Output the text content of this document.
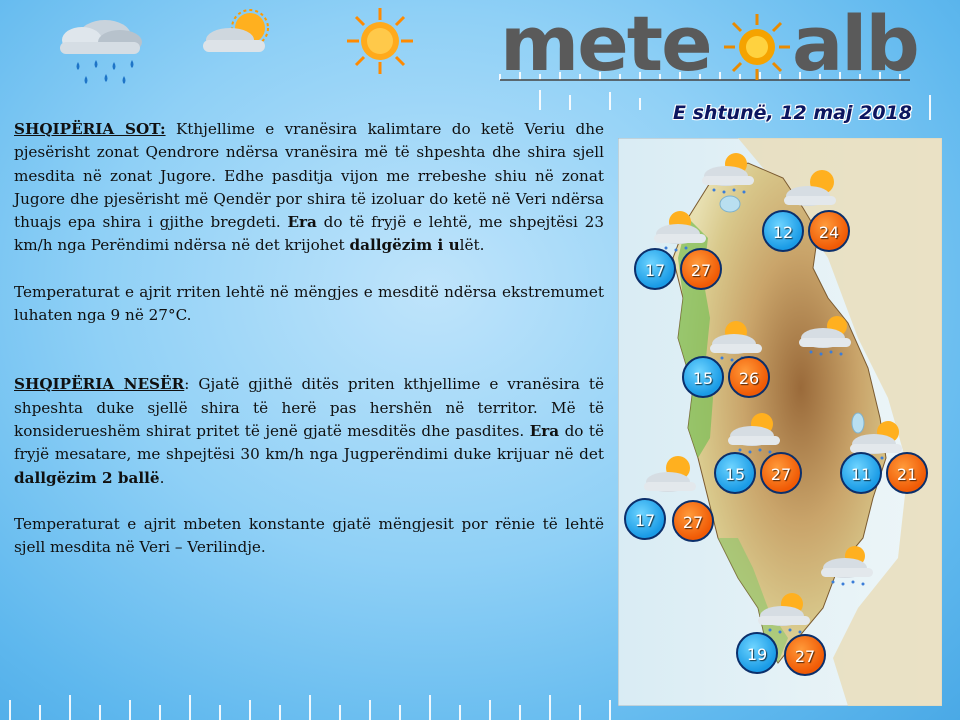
mete alb
E shtunë, 12 maj 2018

SHQIPËRIA SOT: Kthjellime e vranësira kalimtare do ketë Veriu dhe pjesërisht zonat Qendrore ndërsa vranësira më të shpeshta dhe shira sjell mesdita në zonat Jugore. Edhe pasditja vijon me rrebeshe shiu në zonat Jugore dhe pjesërisht më Qendër por shira të izoluar do ketë në Veri ndërsa thuajs epa shira i gjithe bregdeti. Era do të fryjë e lehtë, me shpejtësi 23 km/h nga Perëndimi ndërsa në det krijohet dallgëzim i ulët.

Temperaturat e ajrit rriten lehtë në mëngjes e mesditë ndërsa ekstremumet luhaten nga 9 në 27°C.

SHQIPËRIA NESËR: Gjatë gjithë ditës priten kthjellime e vranësira të shpeshta duke sjellë shira të herë pas hershën në territor. Më të konsiderueshëm shirat pritet të jenë gjatë mesditës dhe pasdites. Era do të fryjë mesatare, me shpejtësi 30 km/h nga Jugperëndimi duke krijuar në det dallgëzim 2 ballë.

Temperaturat e ajrit mbeten konstante gjatë mëngjesit por rënie të lehtë sjell mesdita në Veri – Verilindje.

17	27
12	24
15	26
15	27	11	21
17	27
19	27
